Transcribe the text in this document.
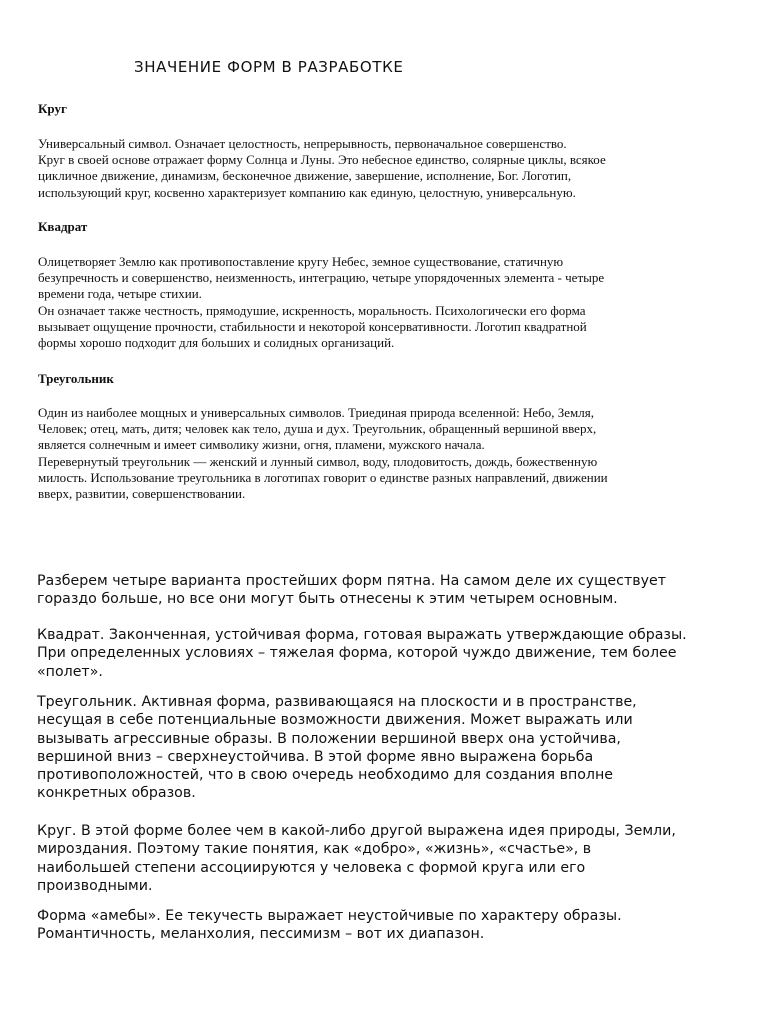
ЗНАЧЕНИЕ ФОРМ В РАЗРАБОТКЕ

Круг

Универсальный символ. Означает целостность, непрерывность, первоначальное совершенство.
Круг в своей основе отражает форму Солнца и Луны. Это небесное единство, солярные циклы, всякое
цикличное движение, динамизм, бесконечное движение, завершение, исполнение, Бог. Логотип,
использующий круг, косвенно характеризует компанию как единую, целостную, универсальную.

Квадрат

Олицетворяет Землю как противопоставление кругу Небес, земное существование, статичную
безупречность и совершенство, неизменность, интеграцию, четыре упорядоченных элемента - четыре
времени года, четыре стихии.
Он означает также честность, прямодушие, искренность, моральность. Психологически его форма
вызывает ощущение прочности, стабильности и некоторой консервативности. Логотип квадратной
формы хорошо подходит для больших и солидных организаций.

Треугольник

Один из наиболее мощных и универсальных символов. Триединая природа вселенной: Небо, Земля,
Человек; отец, мать, дитя; человек как тело, душа и дух. Треугольник, обращенный вершиной вверх,
является солнечным и имеет символику жизни, огня, пламени, мужского начала.
Перевернутый треугольник — женский и лунный символ, воду, плодовитость, дождь, божественную
милость. Использование треугольника в логотипах говорит о единстве разных направлений, движении
вверх, развитии, совершенствовании.

Разберем четыре варианта простейших форм пятна. На самом деле их существует
гораздо больше, но все они могут быть отнесены к этим четырем основным.

Квадрат. Законченная, устойчивая форма, готовая выражать утверждающие образы.
При определенных условиях – тяжелая форма, которой чуждо движение, тем более
«полет».

Треугольник. Активная форма, развивающаяся на плоскости и в пространстве,
несущая в себе потенциальные возможности движения. Может выражать или
вызывать агрессивные образы. В положении вершиной вверх она устойчива,
вершиной вниз – сверхнеустойчива. В этой форме явно выражена борьба
противоположностей, что в свою очередь необходимо для создания вполне
конкретных образов.

Круг. В этой форме более чем в какой-либо другой выражена идея природы, Земли,
мироздания. Поэтому такие понятия, как «добро», «жизнь», «счастье», в
наибольшей степени ассоциируются у человека с формой круга или его
производными.

Форма «амебы». Ее текучесть выражает неустойчивые по характеру образы.
Романтичность, меланхолия, пессимизм – вот их диапазон.
